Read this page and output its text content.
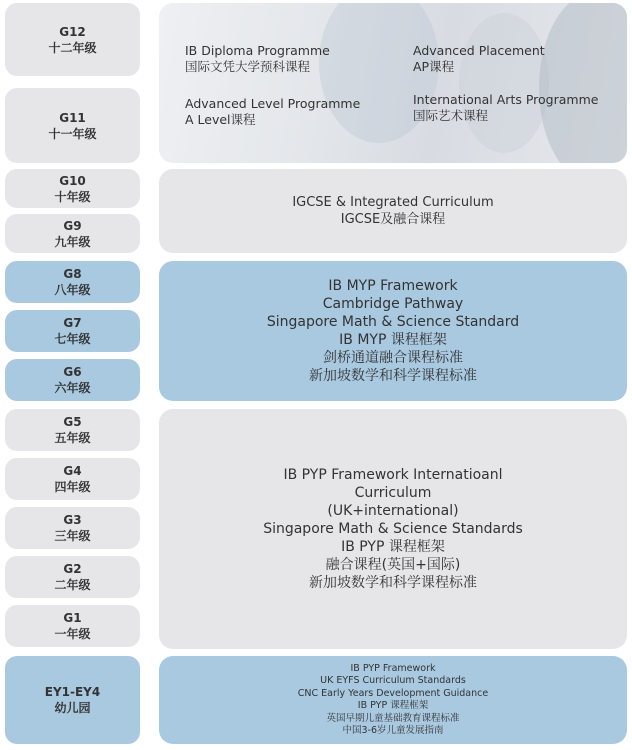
G12
十二年级
G11
十一年级
G10
十年级
G9
九年级
G8
八年级
G7
七年级
G6
六年级
G5
五年级
G4
四年级
G3
三年级
G2
二年级
G1
一年级
EY1-EY4
幼儿园
IB Diploma Programme
国际文凭大学预科课程
Advanced Placement
AP课程
Advanced Level Programme
A Level课程
International Arts Programme
国际艺术课程
IGCSE & Integrated Curriculum
IGCSE及融合课程
IB MYP Framework
Cambridge Pathway
Singapore Math & Science Standard
IB MYP 课程框架
剑桥通道融合课程标准
新加坡数学和科学课程标准
IB PYP Framework Internatioanl
Curriculum
(UK+international)
Singapore Math & Science Standards
IB PYP 课程框架
融合课程(英国+国际)
新加坡数学和科学课程标准
IB PYP Framework
UK EYFS Curriculum Standards
CNC Early Years Development Guidance
IB PYP 课程框架
英国早期儿童基础教育课程标准
中国3-6岁儿童发展指南
